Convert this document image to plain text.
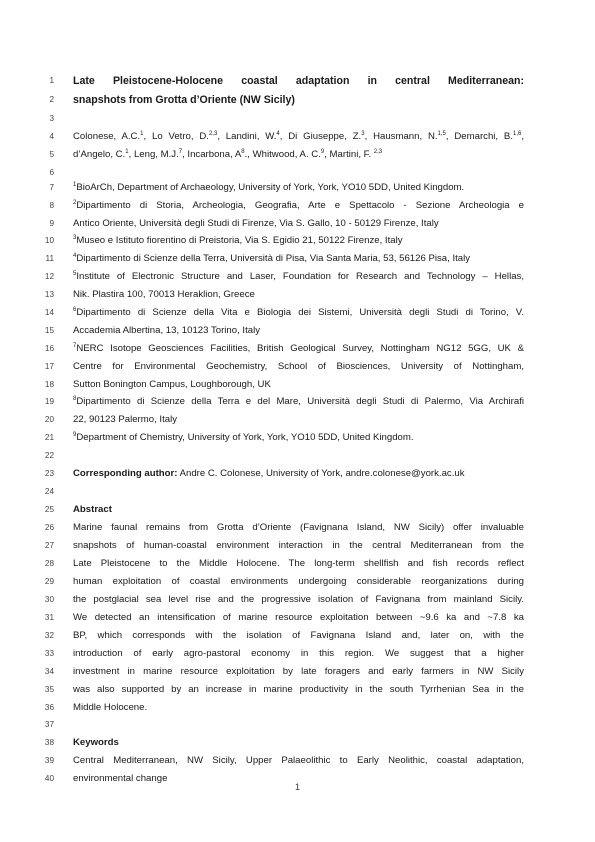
1
2
3
4
5
6
7
8
9
10
11
12
13
14
15
16
17
18
19
20
21
22
23
24
25
26
27
28
29
30
31
32
33
34
35
36
37
38
39
40
Late Pleistocene-Holocene coastal adaptation in central Mediterranean:
snapshots from Grotta d’Oriente (NW Sicily)
Colonese, A.C.$^1$, Lo Vetro, D.$^{2,3}$, Landini, W.$^4$, Di Giuseppe, Z.$^3$, Hausmann, N.$^{1,5}$, Demarchi, B.$^{1,6}$,
d’Angelo, C.$^1$, Leng, M.J.$^7$, Incarbona, $A^8$., Whitwood, A. C.$^9$, Martini, F. $^{2,3}$
$^1$BioArCh, Department of Archaeology, University of York, York, YO10 5DD, United Kingdom.
$^2$Dipartimento di Storia, Archeologia, Geografia, Arte e Spettacolo - Sezione Archeologia e
Antico Oriente, Università degli Studi di Firenze, Via S. Gallo, 10 - 50129 Firenze, Italy
$^3$Museo e Istituto fiorentino di Preistoria, Via S. Egidio 21, 50122 Firenze, Italy
$^4$Dipartimento di Scienze della Terra, Università di Pisa, Via Santa Maria, 53, 56126 Pisa, Italy
$^5$Institute of Electronic Structure and Laser, Foundation for Research and Technology – Hellas,
Nik. Plastira 100, 70013 Heraklion, Greece
$^6$Dipartimento di Scienze della Vita e Biologia dei Sistemi, Università degli Studi di Torino, V.
Accademia Albertina, 13, 10123 Torino, Italy
$^7$NERC Isotope Geosciences Facilities, British Geological Survey, Nottingham NG12 5GG, UK &
Centre for Environmental Geochemistry, School of Biosciences, University of Nottingham,
Sutton Bonington Campus, Loughborough, UK
$^8$Dipartimento di Scienze della Terra e del Mare, Università degli Studi di Palermo, Via Archirafi
22, 90123 Palermo, Italy
$^9$Department of Chemistry, University of York, York, YO10 5DD, United Kingdom.
Corresponding author: Andre C. Colonese, University of York, andre.colonese@york.ac.uk
Abstract
Marine faunal remains from Grotta d’Oriente (Favignana Island, NW Sicily) offer invaluable
snapshots of human-coastal environment interaction in the central Mediterranean from the
Late Pleistocene to the Middle Holocene. The long-term shellfish and fish records reflect
human exploitation of coastal environments undergoing considerable reorganizations during
the postglacial sea level rise and the progressive isolation of Favignana from mainland Sicily.
We detected an intensification of marine resource exploitation between ~9.6 ka and ~7.8 ka
BP, which corresponds with the isolation of Favignana Island and, later on, with the
introduction of early agro-pastoral economy in this region. We suggest that a higher
investment in marine resource exploitation by late foragers and early farmers in NW Sicily
was also supported by an increase in marine productivity in the south Tyrrhenian Sea in the
Middle Holocene.
Keywords
Central Mediterranean, NW Sicily, Upper Palaeolithic to Early Neolithic, coastal adaptation,
environmental change
1
